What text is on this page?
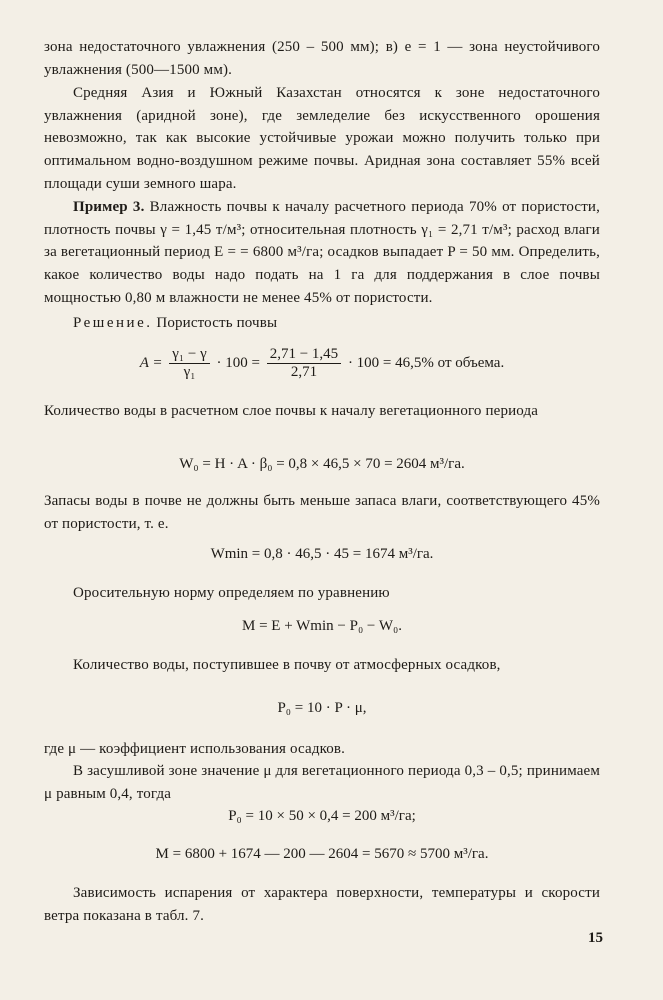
зона недостаточного увлажнения (250 – 500 мм); в) e = 1 — зона неустойчивого увлажнения (500—1500 мм).
Средняя Азия и Южный Казахстан относятся к зоне недостаточного увлажнения (аридной зоне), где земледелие без искусственного орошения невозможно, так как высокие устойчивые урожаи можно получить только при оптимальном водно-воздушном режиме почвы. Аридная зона составляет 55% всей площади суши земного шара.
Пример 3. Влажность почвы к началу расчетного периода 70% от пористости, плотность почвы γ = 1,45 т/м³; относительная плотность γ₁ = 2,71 т/м³; расход влаги за вегетационный период E = = 6800 м³/га; осадков выпадает P = 50 мм. Определить, какое количество воды надо подать на 1 га для поддержания в слое почвы мощностью 0,80 м влажности не менее 45% от пористости.
Решение. Пористость почвы
$A = \frac{\text{γ₁ − γ}}{\text{γ₁}} \cdot 100 = \frac{2,71 - 1,45}{2,71} \cdot 100 = 46,5\%$ от объема.
Количество воды в расчетном слое почвы к началу вегетационного периода
W₀ = H · A · β₀ = 0,8 × 46,5 × 70 = 2604 м³/га.
Запасы воды в почве не должны быть меньше запаса влаги, соответствующего 45% от пористости, т. е.
Wmin = 0,8 · 46,5 · 45 = 1674 м³/га.
Оросительную норму определяем по уравнению
M = E + Wmin − P₀ − W₀.
Количество воды, поступившее в почву от атмосферных осадков,
P₀ = 10 · P · μ,
где μ — коэффициент использования осадков.
В засушливой зоне значение μ для вегетационного периода 0,3 – 0,5; принимаем μ равным 0,4, тогда
P₀ = 10 × 50 × 0,4 = 200 м³/га;
M = 6800 + 1674 — 200 — 2604 = 5670 ≈ 5700 м³/га.
Зависимость испарения от характера поверхности, температуры и скорости ветра показана в табл. 7.
15
